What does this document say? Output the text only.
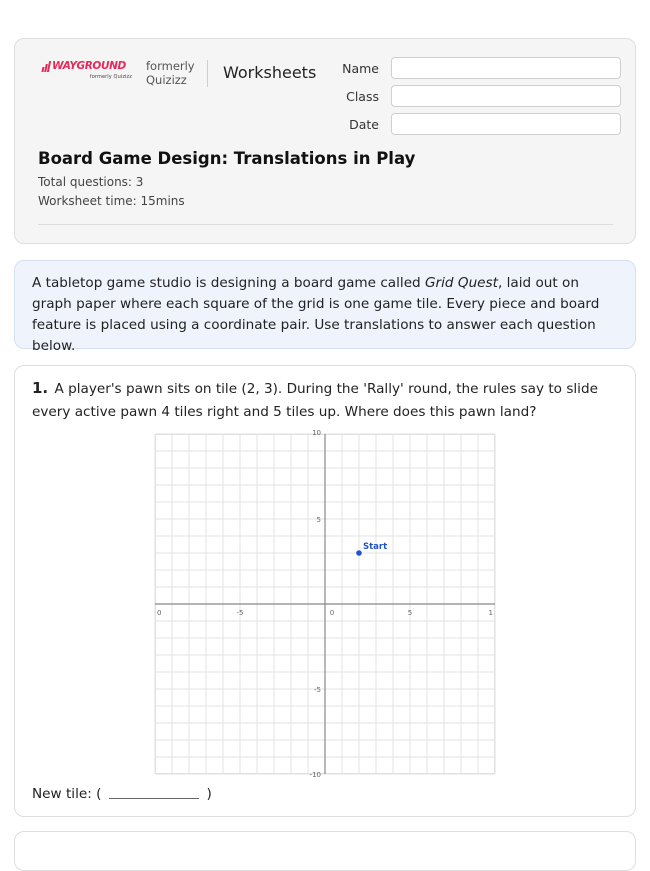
WAYGROUND
formerly Quizizz
formerly
Quizizz	Worksheets	Name
Class
Date
Board Game Design: Translations in Play
Total questions: 3
Worksheet time: 15mins
A tabletop game studio is designing a board game called Grid Quest, laid out on graph paper where each square of the grid is one game tile. Every piece and board feature is placed using a coordinate pair. Use translations to answer each question below.
1. A player's pawn sits on tile (2, 3). During the 'Rally' round, the rules say to slide every active pawn 4 tiles right and 5 tiles up. Where does this pawn land?
0	-5	0	5	1
10
5
-5
-10
Start
New tile: (	)
